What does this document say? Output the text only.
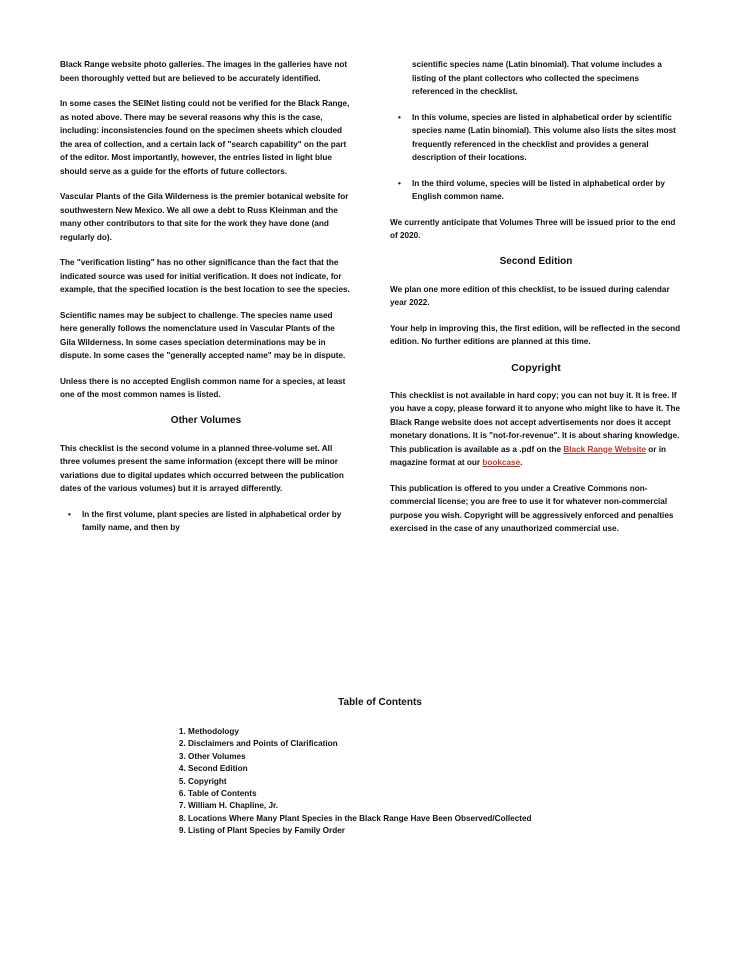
Black Range website photo galleries. The images in the galleries have not been thoroughly vetted but are believed to be accurately identified.

In some cases the SEINet listing could not be verified for the Black Range, as noted above. There may be several reasons why this is the case, including: inconsistencies found on the specimen sheets which clouded the area of collection, and a certain lack of "search capability" on the part of the editor. Most importantly, however, the entries listed in light blue should serve as a guide for the efforts of future collectors.

Vascular Plants of the Gila Wilderness is the premier botanical website for southwestern New Mexico. We all owe a debt to Russ Kleinman and the many other contributors to that site for the work they have done (and regularly do).

The "verification listing" has no other significance than the fact that the indicated source was used for initial verification. It does not indicate, for example, that the specified location is the best location to see the species.

Scientific names may be subject to challenge. The species name used here generally follows the nomenclature used in Vascular Plants of the Gila Wilderness. In some cases speciation determinations may be in dispute. In some cases the "generally accepted name" may be in dispute.

Unless there is no accepted English common name for a species, at least one of the most common names is listed.

Other Volumes

This checklist is the second volume in a planned three-volume set. All three volumes present the same information (except there will be minor variations due to digital updates which occurred between the publication dates of the various volumes) but it is arrayed differently.

• In the first volume, plant species are listed in alphabetical order by family name, and then by

scientific species name (Latin binomial). That volume includes a listing of the plant collectors who collected the specimens referenced in the checklist.

• In this volume, species are listed in alphabetical order by scientific species name (Latin binomial). This volume also lists the sites most frequently referenced in the checklist and provides a general description of their locations.
• In the third volume, species will be listed in alphabetical order by English common name.

We currently anticipate that Volumes Three will be issued prior to the end of 2020.

Second Edition

We plan one more edition of this checklist, to be issued during calendar year 2022.

Your help in improving this, the first edition, will be reflected in the second edition. No further editions are planned at this time.

Copyright

This checklist is not available in hard copy; you can not buy it. It is free. If you have a copy, please forward it to anyone who might like to have it. The Black Range website does not accept advertisements nor does it accept monetary donations. It is "not-for-revenue". It is about sharing knowledge. This publication is available as a .pdf on the Black Range Website or in magazine format at our bookcase.

This publication is offered to you under a Creative Commons non-commercial license; you are free to use it for whatever non-commercial purpose you wish. Copyright will be aggressively enforced and penalties exercised in the case of any unauthorized commercial use.

Table of Contents
1. Methodology
2. Disclaimers and Points of Clarification
3. Other Volumes
4. Second Edition
5. Copyright
6. Table of Contents
7. William H. Chapline, Jr.
8. Locations Where Many Plant Species in the Black Range Have Been Observed/Collected
9. Listing of Plant Species by Family Order
